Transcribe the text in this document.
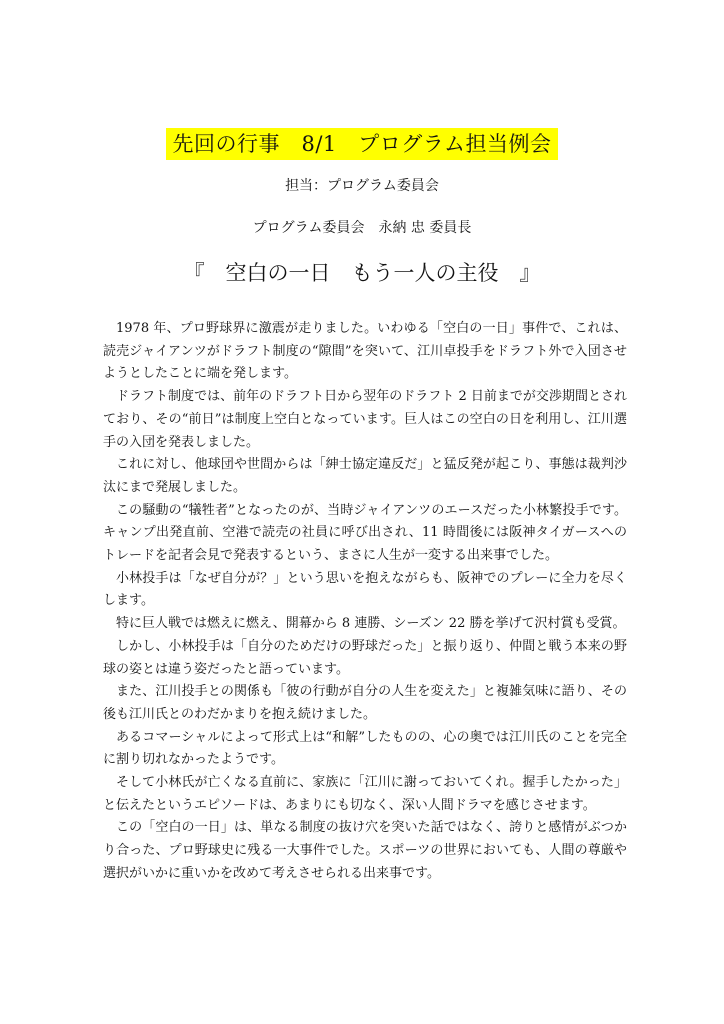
先回の行事　8/1　プログラム担当例会
担当：プログラム委員会
プログラム委員会　永納 忠 委員長
『　空白の一日　もう一人の主役　』

1978 年、プロ野球界に激震が走りました。いわゆる「空白の一日」事件で、これは、読売ジャイアンツがドラフト制度の“隙間”を突いて、江川卓投手をドラフト外で入団させようとしたことに端を発します。

ドラフト制度では、前年のドラフト日から翌年のドラフト 2 日前までが交渉期間とされており、その“前日”は制度上空白となっています。巨人はこの空白の日を利用し、江川選手の入団を発表しました。

これに対し、他球団や世間からは「紳士協定違反だ」と猛反発が起こり、事態は裁判沙汰にまで発展しました。

この騒動の“犠牲者”となったのが、当時ジャイアンツのエースだった小林繁投手です。キャンプ出発直前、空港で読売の社員に呼び出され、11 時間後には阪神タイガースへのトレードを記者会見で発表するという、まさに人生が一変する出来事でした。

小林投手は「なぜ自分が？」という思いを抱えながらも、阪神でのプレーに全力を尽くします。

特に巨人戦では燃えに燃え、開幕から 8 連勝、シーズン 22 勝を挙げて沢村賞も受賞。

しかし、小林投手は「自分のためだけの野球だった」と振り返り、仲間と戦う本来の野球の姿とは違う姿だったと語っています。

また、江川投手との関係も「彼の行動が自分の人生を変えた」と複雑気味に語り、その後も江川氏とのわだかまりを抱え続けました。

あるコマーシャルによって形式上は“和解”したものの、心の奥では江川氏のことを完全に割り切れなかったようです。

そして小林氏が亡くなる直前に、家族に「江川に謝っておいてくれ。握手したかった」と伝えたというエピソードは、あまりにも切なく、深い人間ドラマを感じさせます。

この「空白の一日」は、単なる制度の抜け穴を突いた話ではなく、誇りと感情がぶつかり合った、プロ野球史に残る一大事件でした。スポーツの世界においても、人間の尊厳や選択がいかに重いかを改めて考えさせられる出来事です。
